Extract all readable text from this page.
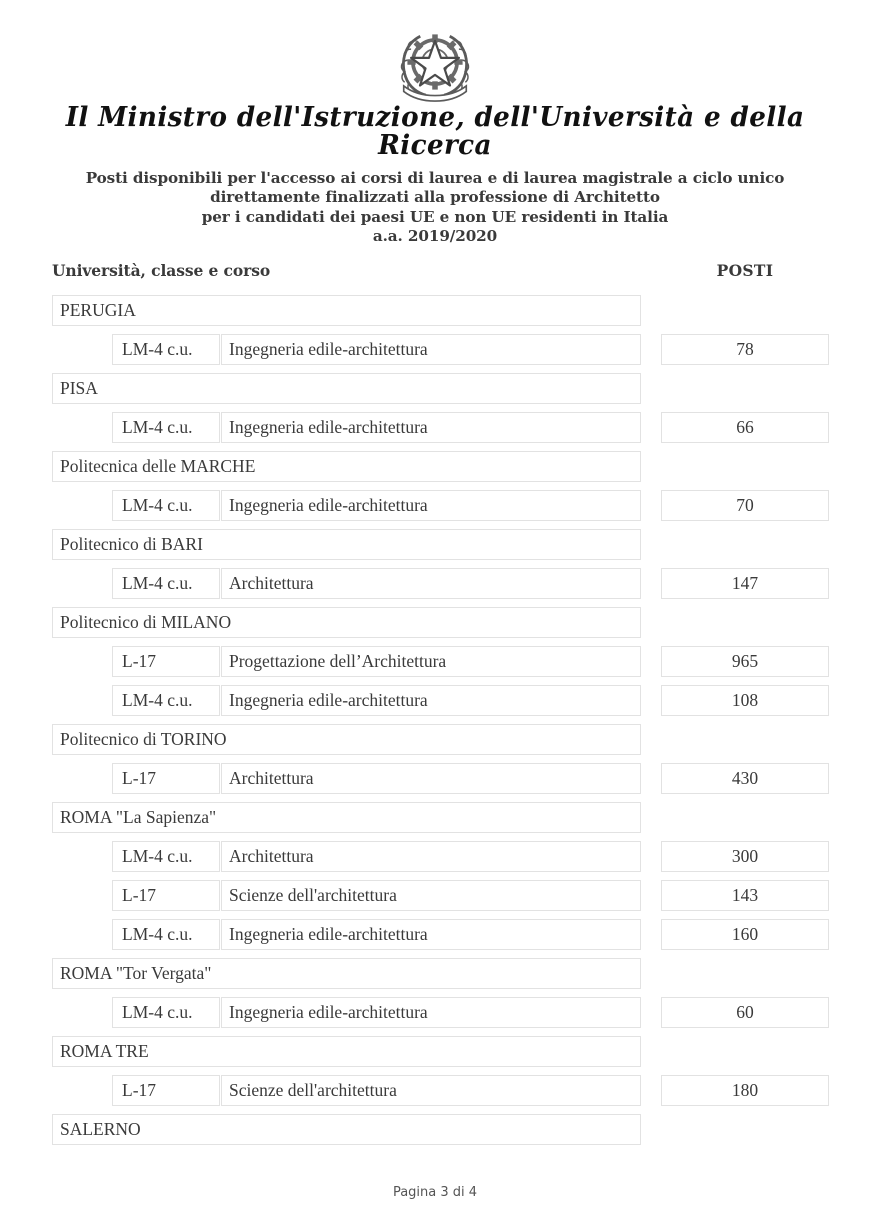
Il Ministro dell'Istruzione, dell'Università e della Ricerca
Posti disponibili per l'accesso ai corsi di laurea e di laurea magistrale a ciclo unico
direttamente finalizzati alla professione di Architetto
per i candidati dei paesi UE e non UE residenti in Italia
a.a. 2019/2020
Università, classe e corso	POSTI
PERUGIA
LM-4 c.u.	Ingegneria edile-architettura	78
PISA
LM-4 c.u.	Ingegneria edile-architettura	66
Politecnica delle MARCHE
LM-4 c.u.	Ingegneria edile-architettura	70
Politecnico di BARI
LM-4 c.u.	Architettura	147
Politecnico di MILANO
L-17	Progettazione dell’Architettura	965
LM-4 c.u.	Ingegneria edile-architettura	108
Politecnico di TORINO
L-17	Architettura	430
ROMA "La Sapienza"
LM-4 c.u.	Architettura	300
L-17	Scienze dell'architettura	143
LM-4 c.u.	Ingegneria edile-architettura	160
ROMA "Tor Vergata"
LM-4 c.u.	Ingegneria edile-architettura	60
ROMA TRE
L-17	Scienze dell'architettura	180
SALERNO
Pagina 3 di 4
